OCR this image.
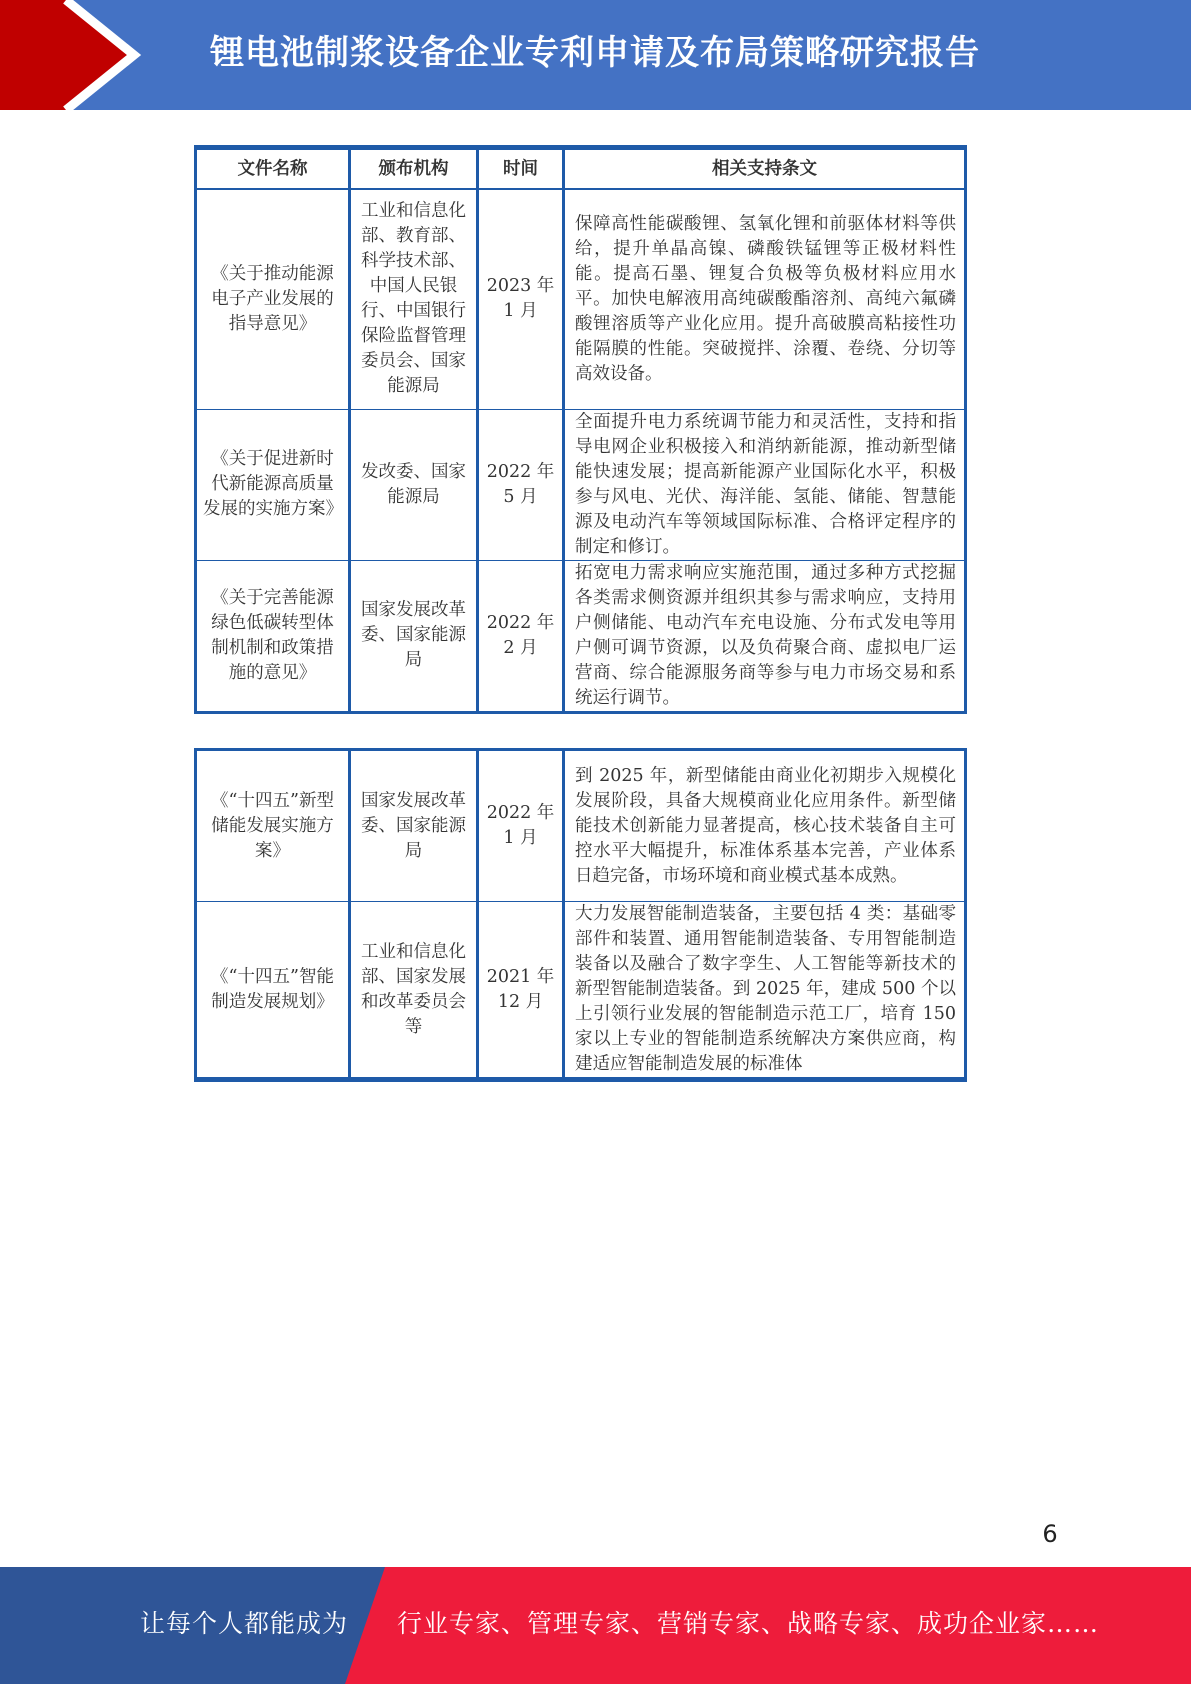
锂电池制浆设备企业专利申请及布局策略研究报告
文件名称	颁布机构	时间	相关支持条文
《关于推动能源电子产业发展的指导意见》	工业和信息化部、教育部、科学技术部、中国人民银行、中国银行保险监督管理委员会、国家能源局	2023 年 1 月	保障高性能碳酸锂、氢氧化锂和前驱体材料等供给，提升单晶高镍、磷酸铁锰锂等正极材料性能。提高石墨、锂复合负极等负极材料应用水平。加快电解液用高纯碳酸酯溶剂、高纯六氟磷酸锂溶质等产业化应用。提升高破膜高粘接性功能隔膜的性能。突破搅拌、涂覆、卷绕、分切等高效设备。
《关于促进新时代新能源高质量发展的实施方案》	发改委、国家能源局	2022 年 5 月	全面提升电力系统调节能力和灵活性，支持和指导电网企业积极接入和消纳新能源，推动新型储能快速发展；提高新能源产业国际化水平，积极参与风电、光伏、海洋能、氢能、储能、智慧能源及电动汽车等领域国际标准、合格评定程序的制定和修订。
《关于完善能源绿色低碳转型体制机制和政策措施的意见》	国家发展改革委、国家能源局	2022 年 2 月	拓宽电力需求响应实施范围，通过多种方式挖掘各类需求侧资源并组织其参与需求响应，支持用户侧储能、电动汽车充电设施、分布式发电等用户侧可调节资源，以及负荷聚合商、虚拟电厂运营商、综合能源服务商等参与电力市场交易和系统运行调节。
《“十四五”新型储能发展实施方案》	国家发展改革委、国家能源局	2022 年 1 月	到 2025 年，新型储能由商业化初期步入规模化发展阶段，具备大规模商业化应用条件。新型储能技术创新能力显著提高，核心技术装备自主可控水平大幅提升，标准体系基本完善，产业体系日趋完备，市场环境和商业模式基本成熟。
《“十四五”智能制造发展规划》	工业和信息化部、国家发展和改革委员会等	2021 年 12 月	大力发展智能制造装备，主要包括 4 类：基础零部件和装置、通用智能制造装备、专用智能制造装备以及融合了数字孪生、人工智能等新技术的新型智能制造装备。到 2025 年，建成 500 个以上引领行业发展的智能制造示范工厂，培育 150 家以上专业的智能制造系统解决方案供应商，构建适应智能制造发展的标准体
6
让每个人都能成为 行业专家、管理专家、营销专家、战略专家、成功企业家……
